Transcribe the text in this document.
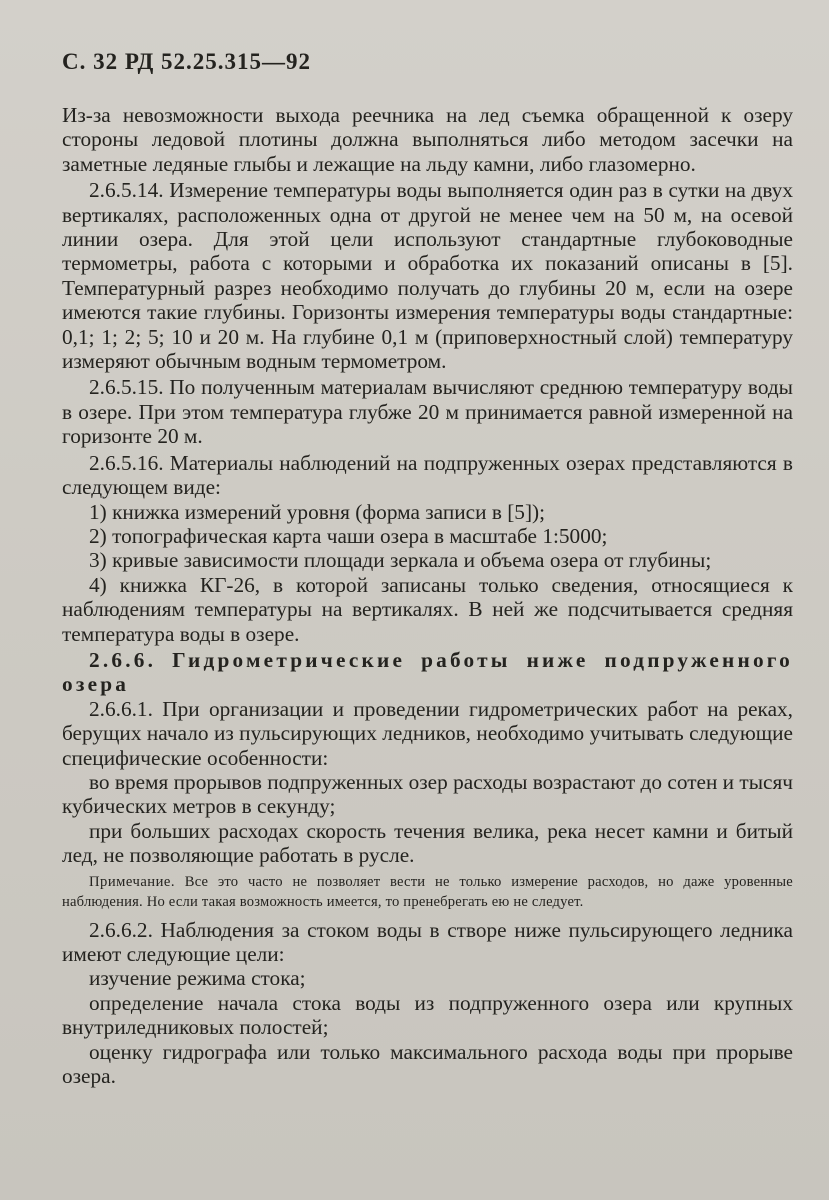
С. 32 РД 52.25.315—92

Из-за невозможности выхода реечника на лед съемка обращенной к озеру стороны ледовой плотины должна выполняться либо методом засечки на заметные ледяные глыбы и лежащие на льду камни, либо глазомерно.

2.6.5.14. Измерение температуры воды выполняется один раз в сутки на двух вертикалях, расположенных одна от другой не менее чем на 50 м, на осевой линии озера. Для этой цели используют стандартные глубоководные термометры, работа с которыми и обработка их показаний описаны в [5]. Температурный разрез необходимо получать до глубины 20 м, если на озере имеются такие глубины. Горизонты измерения температуры воды стандартные: 0,1; 1; 2; 5; 10 и 20 м. На глубине 0,1 м (приповерхностный слой) температуру измеряют обычным водным термометром.

2.6.5.15. По полученным материалам вычисляют среднюю температуру воды в озере. При этом температура глубже 20 м принимается равной измеренной на горизонте 20 м.

2.6.5.16. Материалы наблюдений на подпруженных озерах представляются в следующем виде:

1) книжка измерений уровня (форма записи в [5]);

2) топографическая карта чаши озера в масштабе 1:5000;

3) кривые зависимости площади зеркала и объема озера от глубины;

4) книжка КГ-26, в которой записаны только сведения, относящиеся к наблюдениям температуры на вертикалях. В ней же подсчитывается средняя температура воды в озере.

2.6.6. Гидрометрические работы ниже подпруженного озера

2.6.6.1. При организации и проведении гидрометрических работ на реках, берущих начало из пульсирующих ледников, необходимо учитывать следующие специфические особенности:

во время прорывов подпруженных озер расходы возрастают до сотен и тысяч кубических метров в секунду;

при больших расходах скорость течения велика, река несет камни и битый лед, не позволяющие работать в русле.

Примечание. Все это часто не позволяет вести не только измерение расходов, но даже уровенные наблюдения. Но если такая возможность имеется, то пренебрегать ею не следует.

2.6.6.2. Наблюдения за стоком воды в створе ниже пульсирующего ледника имеют следующие цели:

изучение режима стока;

определение начала стока воды из подпруженного озера или крупных внутриледниковых полостей;

оценку гидрографа или только максимального расхода воды при прорыве озера.
